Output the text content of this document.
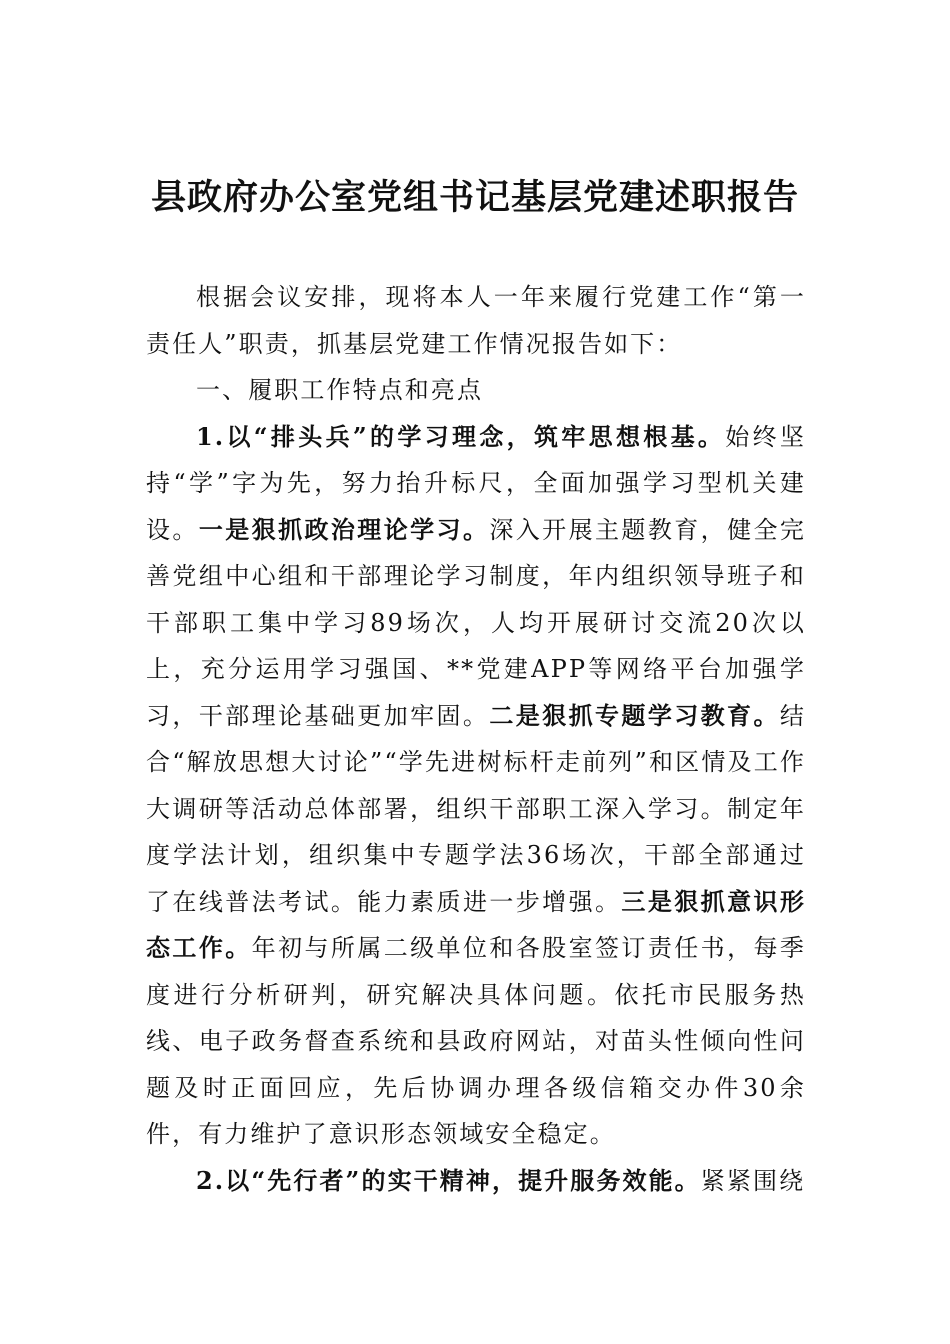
县政府办公室党组书记基层党建述职报告

根据会议安排，现将本人一年来履行党建工作“第一责任人”职责，抓基层党建工作情况报告如下：

一、履职工作特点和亮点

1.以“排头兵”的学习理念，筑牢思想根基。始终坚持“学”字为先，努力抬升标尺，全面加强学习型机关建设。一是狠抓政治理论学习。深入开展主题教育，健全完善党组中心组和干部理论学习制度，年内组织领导班子和干部职工集中学习89场次，人均开展研讨交流20次以上，充分运用学习强国、**党建APP等网络平台加强学习，干部理论基础更加牢固。二是狠抓专题学习教育。结合“解放思想大讨论”“学先进树标杆走前列”和区情及工作大调研等活动总体部署，组织干部职工深入学习。制定年度学法计划，组织集中专题学法36场次，干部全部通过了在线普法考试。能力素质进一步增强。三是狠抓意识形态工作。年初与所属二级单位和各股室签订责任书，每季度进行分析研判，研究解决具体问题。依托市民服务热线、电子政务督查系统和县政府网站，对苗头性倾向性问题及时正面回应，先后协调办理各级信箱交办件30余件，有力维护了意识形态领域安全稳定。

2.以“先行者”的实干精神，提升服务效能。紧紧围绕
